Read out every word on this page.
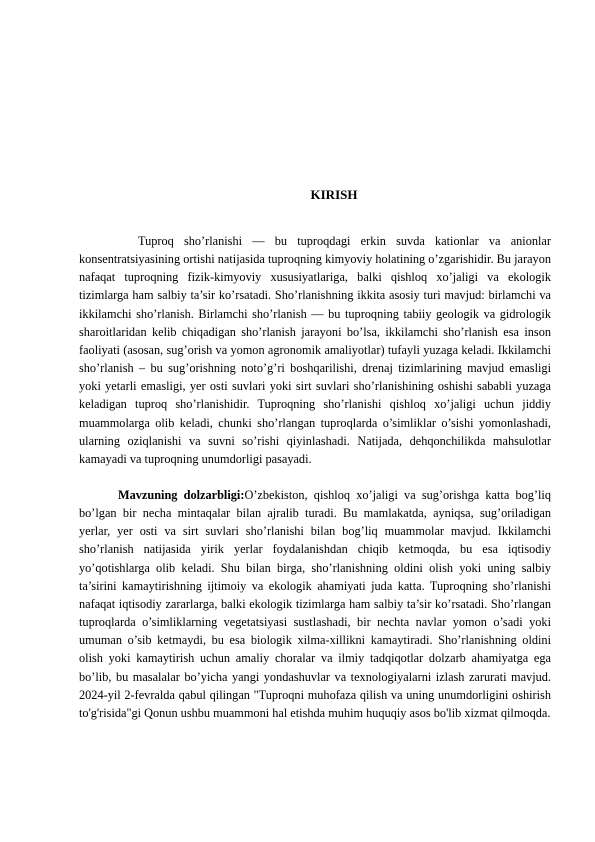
KIRISH

Tuproq sho’rlanishi — bu tuproqdagi erkin suvda kationlar va anionlar konsentratsiyasining ortishi natijasida tuproqning kimyoviy holatining o’zgarishidir. Bu jarayon nafaqat tuproqning fizik-kimyoviy xususiyatlariga, balki qishloq xo’jaligi va ekologik tizimlarga ham salbiy ta’sir ko’rsatadi. Sho’rlanishning ikkita asosiy turi mavjud: birlamchi va ikkilamchi sho’rlanish. Birlamchi sho’rlanish — bu tuproqning tabiiy geologik va gidrologik sharoitlaridan kelib chiqadigan sho’rlanish jarayoni bo’lsa, ikkilamchi sho’rlanish esa inson faoliyati (asosan, sug’orish va yomon agronomik amaliyotlar) tufayli yuzaga keladi. Ikkilamchi sho’rlanish – bu sug’orishning noto’g’ri boshqarilishi, drenaj tizimlarining mavjud emasligi yoki yetarli emasligi, yer osti suvlari yoki sirt suvlari sho’rlanishining oshishi sababli yuzaga keladigan tuproq sho’rlanishidir. Tuproqning sho’rlanishi qishloq xo’jaligi uchun jiddiy muammolarga olib keladi, chunki sho’rlangan tuproqlarda o’simliklar o’sishi yomonlashadi, ularning oziqlanishi va suvni so’rishi qiyinlashadi. Natijada, dehqonchilikda mahsulotlar kamayadi va tuproqning unumdorligi pasayadi.

Mavzuning dolzarbligi:O’zbekiston, qishloq xo’jaligi va sug’orishga katta bog’liq bo’lgan bir necha mintaqalar bilan ajralib turadi. Bu mamlakatda, ayniqsa, sug’oriladigan yerlar, yer osti va sirt suvlari sho’rlanishi bilan bog’liq muammolar mavjud. Ikkilamchi sho’rlanish natijasida yirik yerlar foydalanishdan chiqib ketmoqda, bu esa iqtisodiy yo’qotishlarga olib keladi. Shu bilan birga, sho’rlanishning oldini olish yoki uning salbiy ta’sirini kamaytirishning ijtimoiy va ekologik ahamiyati juda katta. Tuproqning sho’rlanishi nafaqat iqtisodiy zararlarga, balki ekologik tizimlarga ham salbiy ta’sir ko’rsatadi. Sho’rlangan tuproqlarda o’simliklarning vegetatsiyasi sustlashadi, bir nechta navlar yomon o’sadi yoki umuman o’sib ketmaydi, bu esa biologik xilma-xillikni kamaytiradi. Sho’rlanishning oldini olish yoki kamaytirish uchun amaliy choralar va ilmiy tadqiqotlar dolzarb ahamiyatga ega bo’lib, bu masalalar bo’yicha yangi yondashuvlar va texnologiyalarni izlash zarurati mavjud. 2024-yil 2-fevralda qabul qilingan "Tuproqni muhofaza qilish va uning unumdorligini oshirish to'g'risida"gi Qonun ushbu muammoni hal etishda muhim huquqiy asos bo'lib xizmat qilmoqda.
